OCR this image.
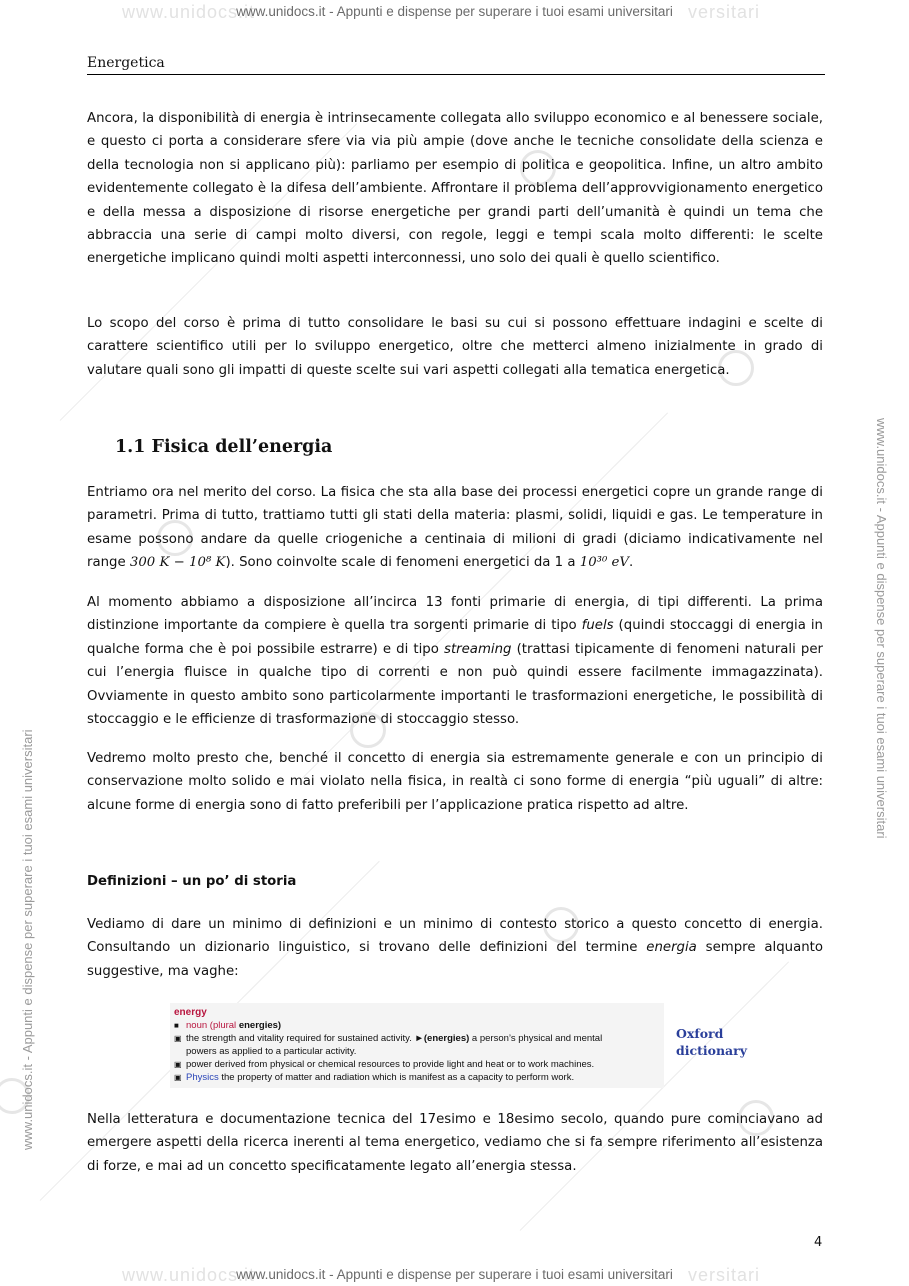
www.unidocs.it	versitari
www.unidocs.it	versitari
www.unidocs.it - Appunti e dispense per superare i tuoi esami universitari
www.unidocs.it - Appunti e dispense per superare i tuoi esami universitari
www.unidocs.it - Appunti e dispense per superare i tuoi esami universitari
www.unidocs.it - Appunti e dispense per superare i tuoi esami universitari
Energetica
Ancora, la disponibilità di energia è intrinsecamente collegata allo sviluppo economico e al benessere sociale, e questo ci porta a considerare sfere via via più ampie (dove anche le tecniche consolidate della scienza e della tecnologia non si applicano più): parliamo per esempio di politica e geopolitica. Infine, un altro ambito evidentemente collegato è la difesa dell’ambiente. Affrontare il problema dell’approvvigionamento energetico e della messa a disposizione di risorse energetiche per grandi parti dell’umanità è quindi un tema che abbraccia una serie di campi molto diversi, con regole, leggi e tempi scala molto differenti: le scelte energetiche implicano quindi molti aspetti interconnessi, uno solo dei quali è quello scientifico.
Lo scopo del corso è prima di tutto consolidare le basi su cui si possono effettuare indagini e scelte di carattere scientifico utili per lo sviluppo energetico, oltre che metterci almeno inizialmente in grado di valutare quali sono gli impatti di queste scelte sui vari aspetti collegati alla tematica energetica.
1.1 Fisica dell’energia
Entriamo ora nel merito del corso. La fisica che sta alla base dei processi energetici copre un grande range di parametri. Prima di tutto, trattiamo tutti gli stati della materia: plasmi, solidi, liquidi e gas. Le temperature in esame possono andare da quelle criogeniche a centinaia di milioni di gradi (diciamo indicativamente nel range 300 K − 10⁸ K). Sono coinvolte scale di fenomeni energetici da 1 a 10³⁰ eV.
Al momento abbiamo a disposizione all’incirca 13 fonti primarie di energia, di tipi differenti. La prima distinzione importante da compiere è quella tra sorgenti primarie di tipo fuels (quindi stoccaggi di energia in qualche forma che è poi possibile estrarre) e di tipo streaming (trattasi tipicamente di fenomeni naturali per cui l’energia fluisce in qualche tipo di correnti e non può quindi essere facilmente immagazzinata). Ovviamente in questo ambito sono particolarmente importanti le trasformazioni energetiche, le possibilità di stoccaggio e le efficienze di trasformazione di stoccaggio stesso.
Vedremo molto presto che, benché il concetto di energia sia estremamente generale e con un principio di conservazione molto solido e mai violato nella fisica, in realtà ci sono forme di energia “più uguali” di altre: alcune forme di energia sono di fatto preferibili per l’applicazione pratica rispetto ad altre.
Definizioni – un po’ di storia
Vediamo di dare un minimo di definizioni e un minimo di contesto storico a questo concetto di energia. Consultando un dizionario linguistico, si trovano delle definizioni del termine energia sempre alquanto suggestive, ma vaghe:
energy
■ noun (plural energies)
▣ the strength and vitality required for sustained activity. ►(energies) a person’s physical and mental
powers as applied to a particular activity.
▣ power derived from physical or chemical resources to provide light and heat or to work machines.
▣ Physics the property of matter and radiation which is manifest as a capacity to perform work.
Oxford
dictionary
Nella letteratura e documentazione tecnica del 17esimo e 18esimo secolo, quando pure cominciavano ad emergere aspetti della ricerca inerenti al tema energetico, vediamo che si fa sempre riferimento all’esistenza di forze, e mai ad un concetto specificatamente legato all’energia stessa.
4
